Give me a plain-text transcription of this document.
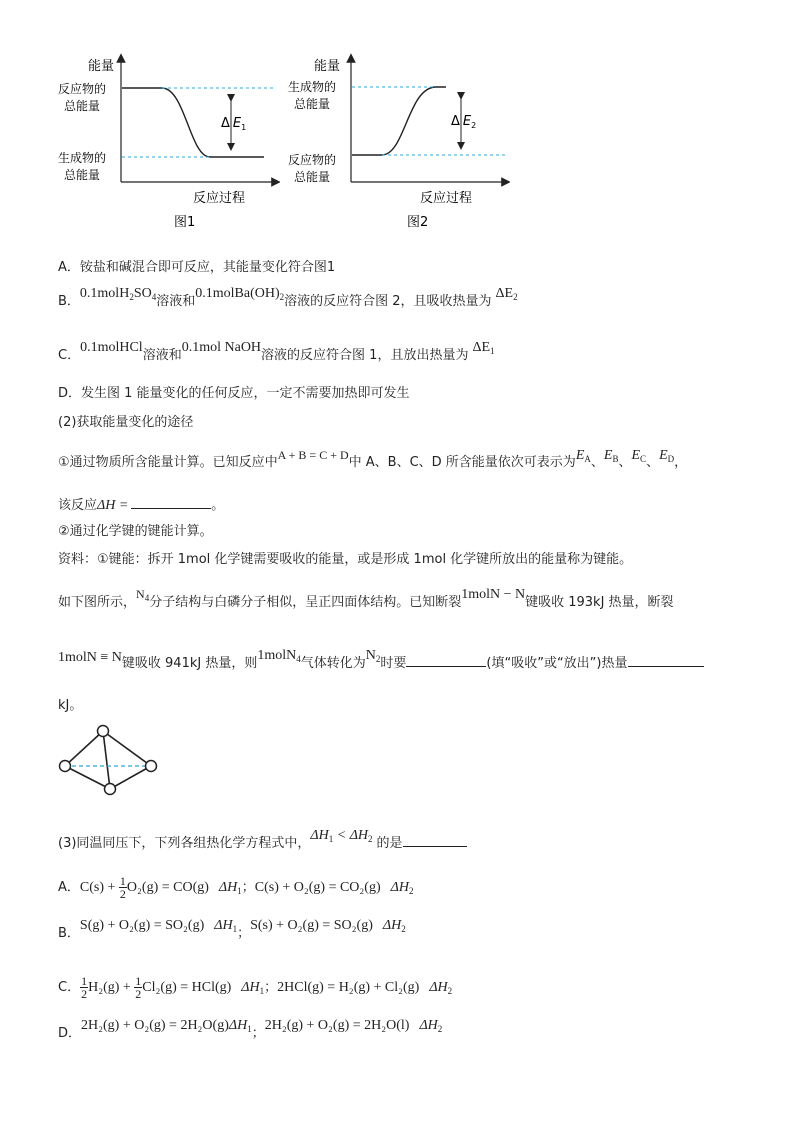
能量
反应物的
总能量
生成物的
总能量
Δ $E_1$
反应过程
图1
能量
生成物的
总能量
反应物的
总能量
Δ $E_2$
反应过程
图2
A．铵盐和碱混合即可反应，其能量变化符合图1
B．$0.1molH_2SO_4$溶液和$0.1molBa(OH)_2$溶液的反应符合图 2，且吸收热量为$\Delta E_2$
C．0.1molHCl溶液和0.1mol NaOH溶液的反应符合图 1，且放出热量为$\Delta E_1$
D．发生图 1 能量变化的任何反应，一定不需要加热即可发生
(2)获取能量变化的途径
①通过物质所含能量计算。已知反应中A + B = C + D中 A、B、C、D 所含能量依次可表示为$E_A$、$E_B$、$E_C$、$E_D$，
该反应ΔH =	。
②通过化学键的键能计算。
资料：①键能：拆开 1mol 化学键需要吸收的能量，或是形成 1mol 化学键所放出的能量称为键能。
如下图所示，$N_4$分子结构与白磷分子相似，呈正四面体结构。已知断裂1molN − N键吸收 193kJ 热量，断裂
1molN ≡ N键吸收 941kJ 热量，则1molN$_4$气体转化为$N_2$时要	(填“吸收”或“放出”)热量
kJ。
(3)同温同压下，下列各组热化学方程式中，$\Delta H_1 < \Delta H_2$ 的是
A．$C(s) + \frac{1}{2} O_2(g) = CO(g)$ $\Delta H_1$；C(s) + O₂(g) = CO₂(g) $\Delta H_2$
B．S(g) + O₂(g) = SO₂(g) $\Delta H_1$；S(s) + O₂(g) = SO₂(g) $\Delta H_2$
C． $\frac{1}{2} H_2(g) + \frac{1}{2} Cl_2(g) = HCl(g)$ $\Delta H_1$；2HCl(g) = H₂(g) + Cl₂(g) $\Delta H_2$
D．$2H_2(g) + O_2(g) = 2H_2O(g)\Delta H_1$；2H₂(g) + O₂(g) = 2H₂O(l) $\Delta H_2$
